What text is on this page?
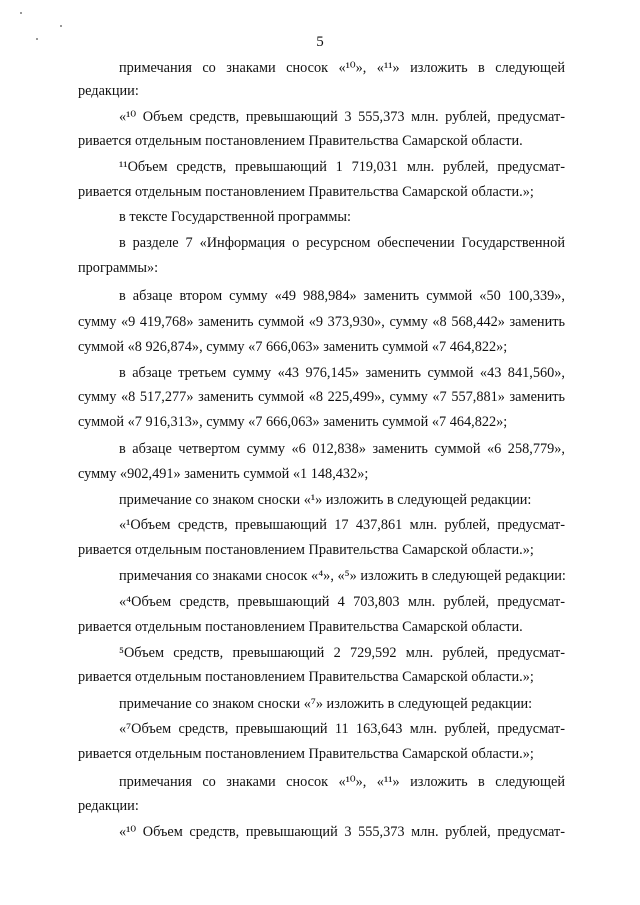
5
примечания со знаками сносок «¹⁰», «¹¹» изложить в следующей
редакции:
«¹⁰ Объем средств, превышающий 3 555,373 млн. рублей, предусмат-
ривается отдельным постановлением Правительства Самарской области.
¹¹Объем средств, превышающий 1 719,031 млн. рублей, предусмат-
ривается отдельным постановлением Правительства Самарской области.»;
в тексте Государственной программы:
в разделе 7 «Информация о ресурсном обеспечении Государственной
программы»:
в абзаце втором сумму «49 988,984» заменить суммой «50 100,339»,
сумму «9 419,768» заменить суммой «9 373,930», сумму «8 568,442» заменить
суммой «8 926,874», сумму «7 666,063» заменить суммой «7 464,822»;
в абзаце третьем сумму «43 976,145» заменить суммой «43 841,560»,
сумму «8 517,277» заменить суммой «8 225,499», сумму «7 557,881» заменить
суммой «7 916,313», сумму «7 666,063» заменить суммой «7 464,822»;
в абзаце четвертом сумму «6 012,838» заменить суммой «6 258,779»,
сумму «902,491» заменить суммой «1 148,432»;
примечание со знаком сноски «¹» изложить в следующей редакции:
«¹Объем средств, превышающий 17 437,861 млн. рублей, предусмат-
ривается отдельным постановлением Правительства Самарской области.»;
примечания со знаками сносок «⁴», «⁵» изложить в следующей редакции:
«⁴Объем средств, превышающий 4 703,803 млн. рублей, предусмат-
ривается отдельным постановлением Правительства Самарской области.
⁵Объем средств, превышающий 2 729,592 млн. рублей, предусмат-
ривается отдельным постановлением Правительства Самарской области.»;
примечание со знаком сноски «⁷» изложить в следующей редакции:
«⁷Объем средств, превышающий 11 163,643 млн. рублей, предусмат-
ривается отдельным постановлением Правительства Самарской области.»;
примечания со знаками сносок «¹⁰», «¹¹» изложить в следующей
редакции:
«¹⁰ Объем средств, превышающий 3 555,373 млн. рублей, предусмат-
